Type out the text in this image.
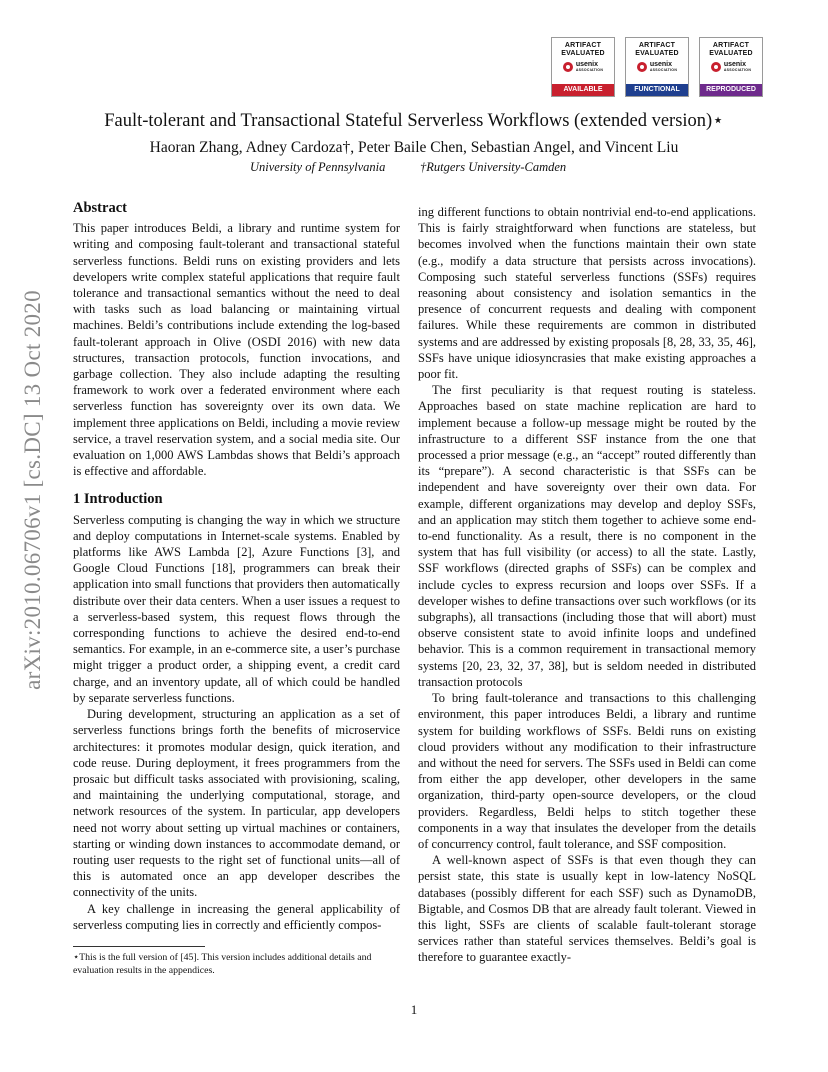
ARTIFACT
EVALUATED
usenix
ASSOCIATION
AVAILABLE
ARTIFACT
EVALUATED
usenix
ASSOCIATION
FUNCTIONAL
ARTIFACT
EVALUATED
usenix
ASSOCIATION
REPRODUCED
Fault-tolerant and Transactional Stateful Serverless Workflows (extended version)⋆
Haoran Zhang, Adney Cardoza†, Peter Baile Chen, Sebastian Angel, and Vincent Liu
University of Pennsylvania	†Rutgers University-Camden
arXiv:2010.06706v1 [cs.DC] 13 Oct 2020
Abstract

This paper introduces Beldi, a library and runtime system for writing and composing fault-tolerant and transactional stateful serverless functions. Beldi runs on existing providers and lets developers write complex stateful applications that require fault tolerance and transactional semantics without the need to deal with tasks such as load balancing or maintaining virtual machines. Beldi’s contributions include extending the log-based fault-tolerant approach in Olive (OSDI 2016) with new data structures, transaction protocols, function invocations, and garbage collection. They also include adapting the resulting framework to work over a federated environment where each serverless function has sovereignty over its own data. We implement three applications on Beldi, including a movie review service, a travel reservation system, and a social media site. Our evaluation on 1,000 AWS Lambdas shows that Beldi’s approach is effective and affordable.

1 Introduction

Serverless computing is changing the way in which we structure and deploy computations in Internet-scale systems. Enabled by platforms like AWS Lambda [2], Azure Functions [3], and Google Cloud Functions [18], programmers can break their application into small functions that providers then automatically distribute over their data centers. When a user issues a request to a serverless-based system, this request flows through the corresponding functions to achieve the desired end-to-end semantics. For example, in an e-commerce site, a user’s purchase might trigger a product order, a shipping event, a credit card charge, and an inventory update, all of which could be handled by separate serverless functions.

During development, structuring an application as a set of serverless functions brings forth the benefits of microservice architectures: it promotes modular design, quick iteration, and code reuse. During deployment, it frees programmers from the prosaic but difficult tasks associated with provisioning, scaling, and maintaining the underlying computational, storage, and network resources of the system. In particular, app developers need not worry about setting up virtual machines or containers, starting or winding down instances to accommodate demand, or routing user requests to the right set of functional units—all of this is automated once an app developer describes the connectivity of the units.

A key challenge in increasing the general applicability of serverless computing lies in correctly and efficiently compos-

ing different functions to obtain nontrivial end-to-end applications. This is fairly straightforward when functions are stateless, but becomes involved when the functions maintain their own state (e.g., modify a data structure that persists across invocations). Composing such stateful serverless functions (SSFs) requires reasoning about consistency and isolation semantics in the presence of concurrent requests and dealing with component failures. While these requirements are common in distributed systems and are addressed by existing proposals [8, 28, 33, 35, 46], SSFs have unique idiosyncrasies that make existing approaches a poor fit.

The first peculiarity is that request routing is stateless. Approaches based on state machine replication are hard to implement because a follow-up message might be routed by the infrastructure to a different SSF instance from the one that processed a prior message (e.g., an “accept” routed differently than its “prepare”). A second characteristic is that SSFs can be independent and have sovereignty over their own data. For example, different organizations may develop and deploy SSFs, and an application may stitch them together to achieve some end-to-end functionality. As a result, there is no component in the system that has full visibility (or access) to all the state. Lastly, SSF workflows (directed graphs of SSFs) can be complex and include cycles to express recursion and loops over SSFs. If a developer wishes to define transactions over such workflows (or its subgraphs), all transactions (including those that will abort) must observe consistent state to avoid infinite loops and undefined behavior. This is a common requirement in transactional memory systems [20, 23, 32, 37, 38], but is seldom needed in distributed transaction protocols

To bring fault-tolerance and transactions to this challenging environment, this paper introduces Beldi, a library and runtime system for building workflows of SSFs. Beldi runs on existing cloud providers without any modification to their infrastructure and without the need for servers. The SSFs used in Beldi can come from either the app developer, other developers in the same organization, third-party open-source developers, or the cloud providers. Regardless, Beldi helps to stitch together these components in a way that insulates the developer from the details of concurrency control, fault tolerance, and SSF composition.

A well-known aspect of SSFs is that even though they can persist state, this state is usually kept in low-latency NoSQL databases (possibly different for each SSF) such as DynamoDB, Bigtable, and Cosmos DB that are already fault tolerant. Viewed in this light, SSFs are clients of scalable fault-tolerant storage services rather than stateful services themselves. Beldi’s goal is therefore to guarantee exactly-

⋆This is the full version of [45]. This version includes additional details and evaluation results in the appendices.
1
